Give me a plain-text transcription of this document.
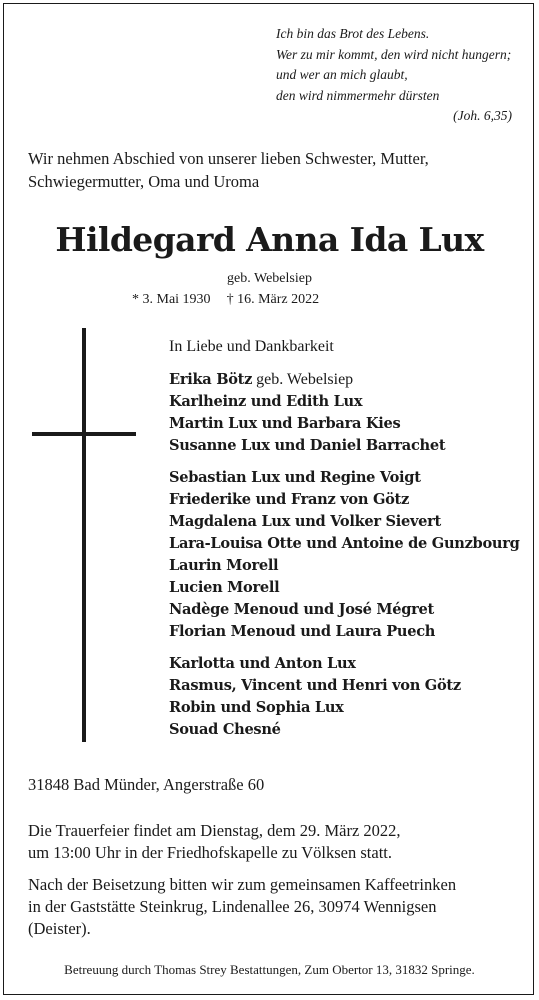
Ich bin das Brot des Lebens.
Wer zu mir kommt, den wird nicht hungern;
und wer an mich glaubt,
den wird nimmermehr dürsten
(Joh. 6,35)
Wir nehmen Abschied von unserer lieben Schwester, Mutter,
Schwiegermutter, Oma und Uroma
Hildegard Anna Ida Lux
geb. Webelsiep
* 3. Mai 1930 † 16. März 2022
In Liebe und Dankbarkeit
Erika Bötz geb. Webelsiep
Karlheinz und Edith Lux
Martin Lux und Barbara Kies
Susanne Lux und Daniel Barrachet
Sebastian Lux und Regine Voigt
Friederike und Franz von Götz
Magdalena Lux und Volker Sievert
Lara-Louisa Otte und Antoine de Gunzbourg
Laurin Morell
Lucien Morell
Nadège Menoud und José Mégret
Florian Menoud und Laura Puech
Karlotta und Anton Lux
Rasmus, Vincent und Henri von Götz
Robin und Sophia Lux
Souad Chesné
31848 Bad Münder, Angerstraße 60
Die Trauerfeier findet am Dienstag, dem 29. März 2022,
um 13:00 Uhr in der Friedhofskapelle zu Völksen statt.
Nach der Beisetzung bitten wir zum gemeinsamen Kaffeetrinken
in der Gaststätte Steinkrug, Lindenallee 26, 30974 Wennigsen
(Deister).
Betreuung durch Thomas Strey Bestattungen, Zum Obertor 13, 31832 Springe.
